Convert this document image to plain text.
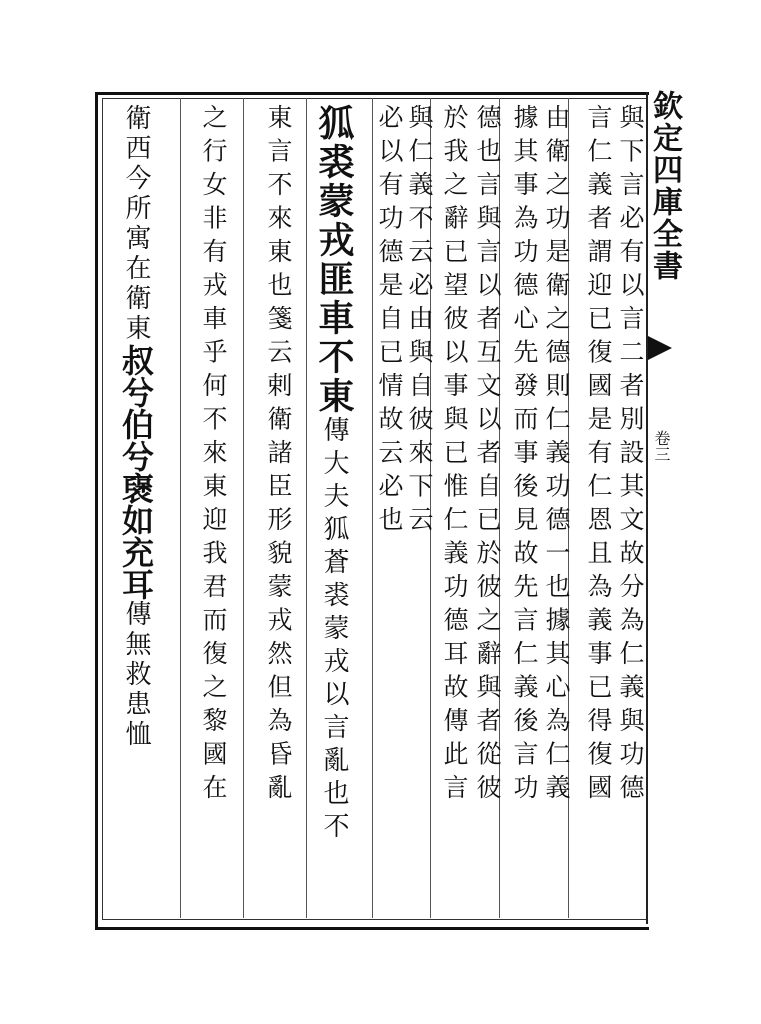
欽定四庫全書
卷三
與下言必有以言二者別設其文故分為仁義與功德
言仁義者謂迎已復國是有仁恩且為義事已得復國
由衛之功是衛之德則仁義功德一也據其心為仁義
據其事為功德心先發而事後見故先言仁義後言功
德也言與言以者互文以者自已於彼之辭與者從彼
於我之辭已望彼以事與已惟仁義功德耳故傳此言
與仁義不云必由與自彼來下云
必以有功德是自已情故云必也
狐裘蒙戎匪車不東傳大夫狐蒼裘蒙戎以言亂也不
東言不來東也箋云剌衛諸臣形貌蒙戎然但為昏亂
之行女非有戎車乎何不來東迎我君而復之黎國在
衛西今所寓在衛東叔兮伯兮襃如充耳傳無救患恤
